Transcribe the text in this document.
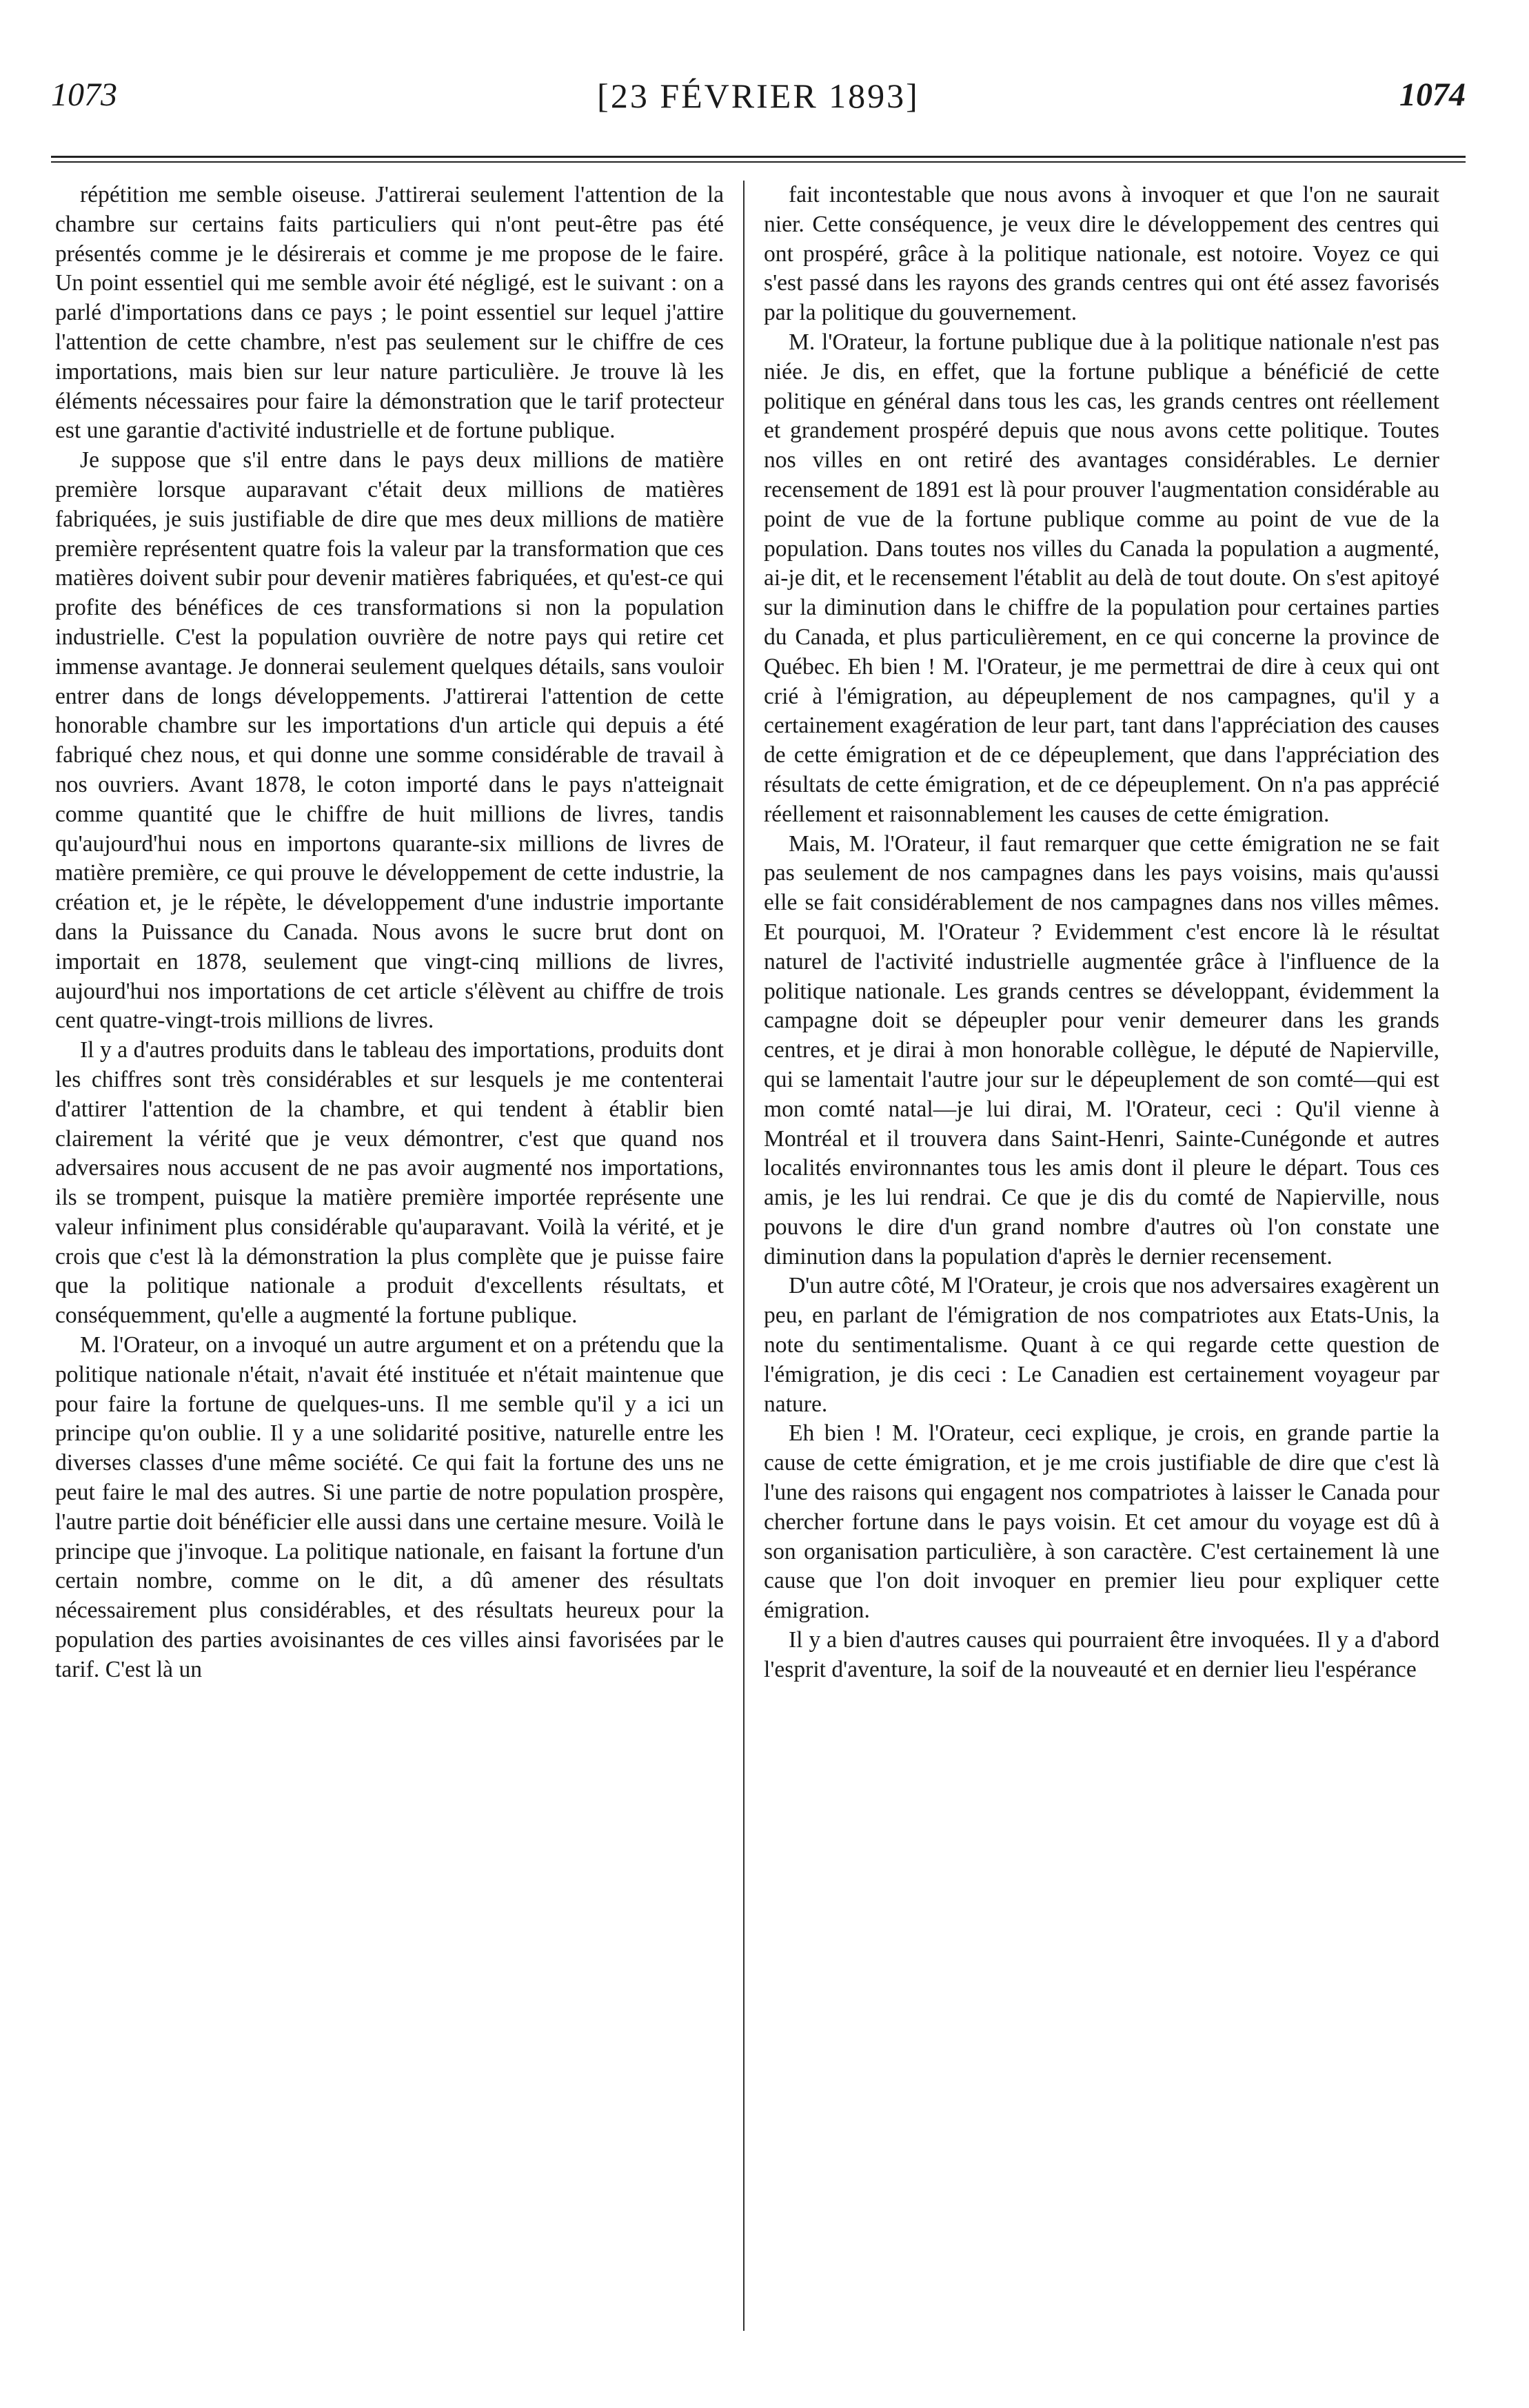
1073	[23 FÉVRIER 1893]	1074

répétition me semble oiseuse. J'attirerai seulement l'attention de la chambre sur certains faits particuliers qui n'ont peut-être pas été présentés comme je le désirerais et comme je me propose de le faire. Un point essentiel qui me semble avoir été négligé, est le suivant : on a parlé d'importations dans ce pays ; le point essentiel sur lequel j'attire l'attention de cette chambre, n'est pas seulement sur le chiffre de ces importations, mais bien sur leur nature particulière. Je trouve là les éléments nécessaires pour faire la démonstration que le tarif protecteur est une garantie d'activité industrielle et de fortune publique.

Je suppose que s'il entre dans le pays deux millions de matière première lorsque auparavant c'était deux millions de matières fabriquées, je suis justifiable de dire que mes deux millions de matière première représentent quatre fois la valeur par la transformation que ces matières doivent subir pour devenir matières fabriquées, et qu'est-ce qui profite des bénéfices de ces transformations si non la population industrielle. C'est la population ouvrière de notre pays qui retire cet immense avantage. Je donnerai seulement quelques détails, sans vouloir entrer dans de longs développements. J'attirerai l'attention de cette honorable chambre sur les importations d'un article qui depuis a été fabriqué chez nous, et qui donne une somme considérable de travail à nos ouvriers. Avant 1878, le coton importé dans le pays n'atteignait comme quantité que le chiffre de huit millions de livres, tandis qu'aujourd'hui nous en importons quarante-six millions de livres de matière première, ce qui prouve le développement de cette industrie, la création et, je le répète, le développement d'une industrie importante dans la Puissance du Canada. Nous avons le sucre brut dont on importait en 1878, seulement que vingt-cinq millions de livres, aujourd'hui nos importations de cet article s'élèvent au chiffre de trois cent quatre-vingt-trois millions de livres.

Il y a d'autres produits dans le tableau des importations, produits dont les chiffres sont très considérables et sur lesquels je me contenterai d'attirer l'attention de la chambre, et qui tendent à établir bien clairement la vérité que je veux démontrer, c'est que quand nos adversaires nous accusent de ne pas avoir augmenté nos importations, ils se trompent, puisque la matière première importée représente une valeur infiniment plus considérable qu'auparavant. Voilà la vérité, et je crois que c'est là la démonstration la plus complète que je puisse faire que la politique nationale a produit d'excellents résultats, et conséquemment, qu'elle a augmenté la fortune publique.

M. l'Orateur, on a invoqué un autre argument et on a prétendu que la politique nationale n'était, n'avait été instituée et n'était maintenue que pour faire la fortune de quelques-uns. Il me semble qu'il y a ici un principe qu'on oublie. Il y a une solidarité positive, naturelle entre les diverses classes d'une même société. Ce qui fait la fortune des uns ne peut faire le mal des autres. Si une partie de notre population prospère, l'autre partie doit bénéficier elle aussi dans une certaine mesure. Voilà le principe que j'invoque. La politique nationale, en faisant la fortune d'un certain nombre, comme on le dit, a dû amener des résultats nécessairement plus considérables, et des résultats heureux pour la population des parties avoisinantes de ces villes ainsi favorisées par le tarif. C'est là un

fait incontestable que nous avons à invoquer et que l'on ne saurait nier. Cette conséquence, je veux dire le développement des centres qui ont prospéré, grâce à la politique nationale, est notoire. Voyez ce qui s'est passé dans les rayons des grands centres qui ont été assez favorisés par la politique du gouvernement.

M. l'Orateur, la fortune publique due à la politique nationale n'est pas niée. Je dis, en effet, que la fortune publique a bénéficié de cette politique en général dans tous les cas, les grands centres ont réellement et grandement prospéré depuis que nous avons cette politique. Toutes nos villes en ont retiré des avantages considérables. Le dernier recensement de 1891 est là pour prouver l'augmentation considérable au point de vue de la fortune publique comme au point de vue de la population. Dans toutes nos villes du Canada la population a augmenté, ai-je dit, et le recensement l'établit au delà de tout doute. On s'est apitoyé sur la diminution dans le chiffre de la population pour certaines parties du Canada, et plus particulièrement, en ce qui concerne la province de Québec. Eh bien ! M. l'Orateur, je me permettrai de dire à ceux qui ont crié à l'émigration, au dépeuplement de nos campagnes, qu'il y a certainement exagération de leur part, tant dans l'appréciation des causes de cette émigration et de ce dépeuplement, que dans l'appréciation des résultats de cette émigration, et de ce dépeuplement. On n'a pas apprécié réellement et raisonnablement les causes de cette émigration.

Mais, M. l'Orateur, il faut remarquer que cette émigration ne se fait pas seulement de nos campagnes dans les pays voisins, mais qu'aussi elle se fait considérablement de nos campagnes dans nos villes mêmes. Et pourquoi, M. l'Orateur ? Evidemment c'est encore là le résultat naturel de l'activité industrielle augmentée grâce à l'influence de la politique nationale. Les grands centres se développant, évidemment la campagne doit se dépeupler pour venir demeurer dans les grands centres, et je dirai à mon honorable collègue, le député de Napierville, qui se lamentait l'autre jour sur le dépeuplement de son comté—qui est mon comté natal—je lui dirai, M. l'Orateur, ceci : Qu'il vienne à Montréal et il trouvera dans Saint-Henri, Sainte-Cunégonde et autres localités environnantes tous les amis dont il pleure le départ. Tous ces amis, je les lui rendrai. Ce que je dis du comté de Napierville, nous pouvons le dire d'un grand nombre d'autres où l'on constate une diminution dans la population d'après le dernier recensement.

D'un autre côté, M l'Orateur, je crois que nos adversaires exagèrent un peu, en parlant de l'émigration de nos compatriotes aux Etats-Unis, la note du sentimentalisme. Quant à ce qui regarde cette question de l'émigration, je dis ceci : Le Canadien est certainement voyageur par nature.

Eh bien ! M. l'Orateur, ceci explique, je crois, en grande partie la cause de cette émigration, et je me crois justifiable de dire que c'est là l'une des raisons qui engagent nos compatriotes à laisser le Canada pour chercher fortune dans le pays voisin. Et cet amour du voyage est dû à son organisation particulière, à son caractère. C'est certainement là une cause que l'on doit invoquer en premier lieu pour expliquer cette émigration.

Il y a bien d'autres causes qui pourraient être invoquées. Il y a d'abord l'esprit d'aventure, la soif de la nouveauté et en dernier lieu l'espérance
